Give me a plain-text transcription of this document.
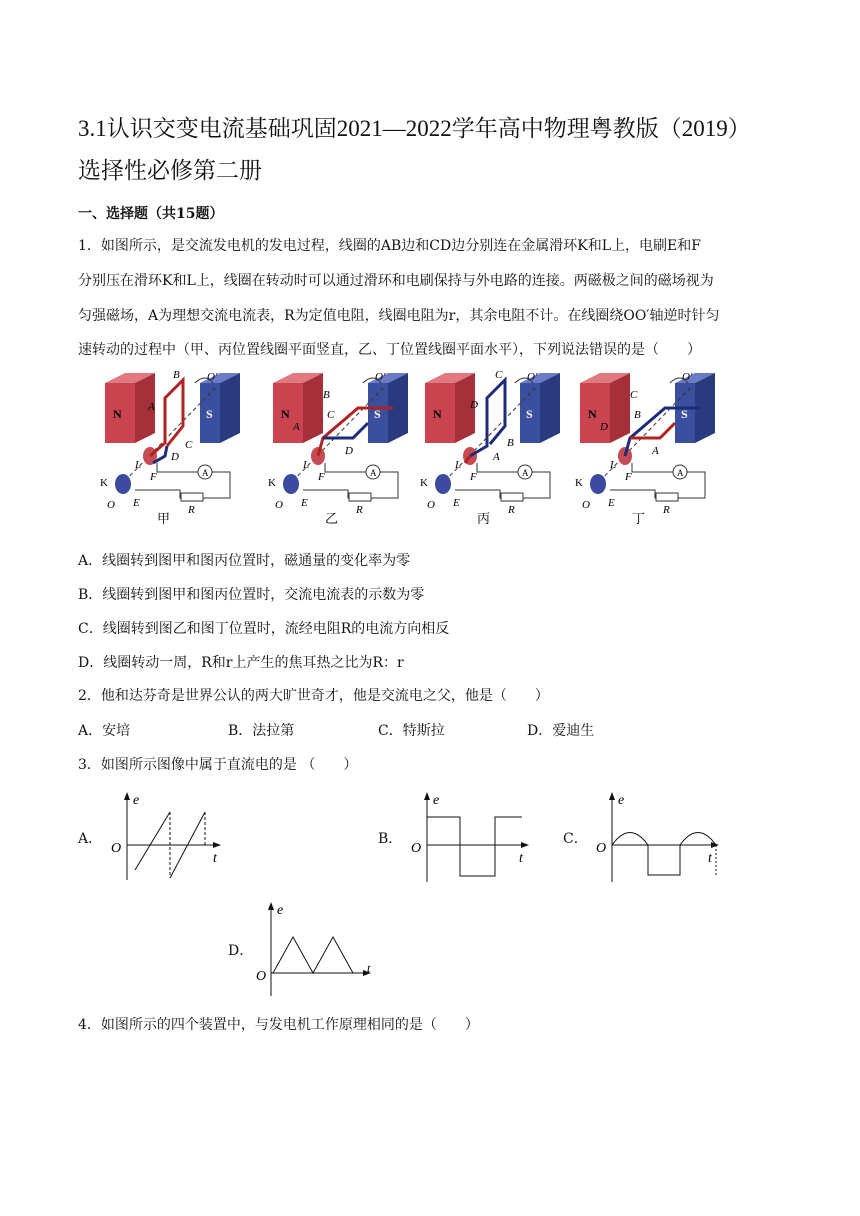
3.1认识交变电流基础巩固2021—2022学年高中物理粤教版（2019）
选择性必修第二册
一、选择题（共15题）
1．如图所示，是交流发电机的发电过程，线圈的AB边和CD边分别连在金属滑环K和L上，电刷E和F
分别压在滑环K和L上，线圈在转动时可以通过滑环和电刷保持与外电路的连接。两磁极之间的磁场视为
匀强磁场，A为理想交流电流表，R为定值电阻，线圈电阻为r，其余电阻不计。在线圈绕OO′轴逆时针匀
速转动的过程中（甲、丙位置线圈平面竖直，乙、丁位置线圈平面水平），下列说法错误的是（　　）
B
A
C
D
N	S
L
F
K
E
O
O′
A
R
甲
B
A
C
D
N	S
L
F
K
E
O
O′
A
R
乙
C
D
B
A
N	S
L
F
K
E
O
O′
A
R
丙
C
D
B
A
N	S
L
F
K
E
O
O′
A
R
丁
A．线圈转到图甲和图丙位置时，磁通量的变化率为零
B．线圈转到图甲和图丙位置时，交流电流表的示数为零
C．线圈转到图乙和图丁位置时，流经电阻R的电流方向相反
D．线圈转动一周，R和r上产生的焦耳热之比为R：r
2．他和达芬奇是世界公认的两大旷世奇才，他是交流电之父，他是（　　）
A．安培	B．法拉第	C．特斯拉	D．爱迪生
3．如图所示图像中属于直流电的是 （　　）
A．
e
t
O
B．
e
t
O
C．
e
t
O
D．
e
t
O
4．如图所示的四个装置中，与发电机工作原理相同的是（　　）
